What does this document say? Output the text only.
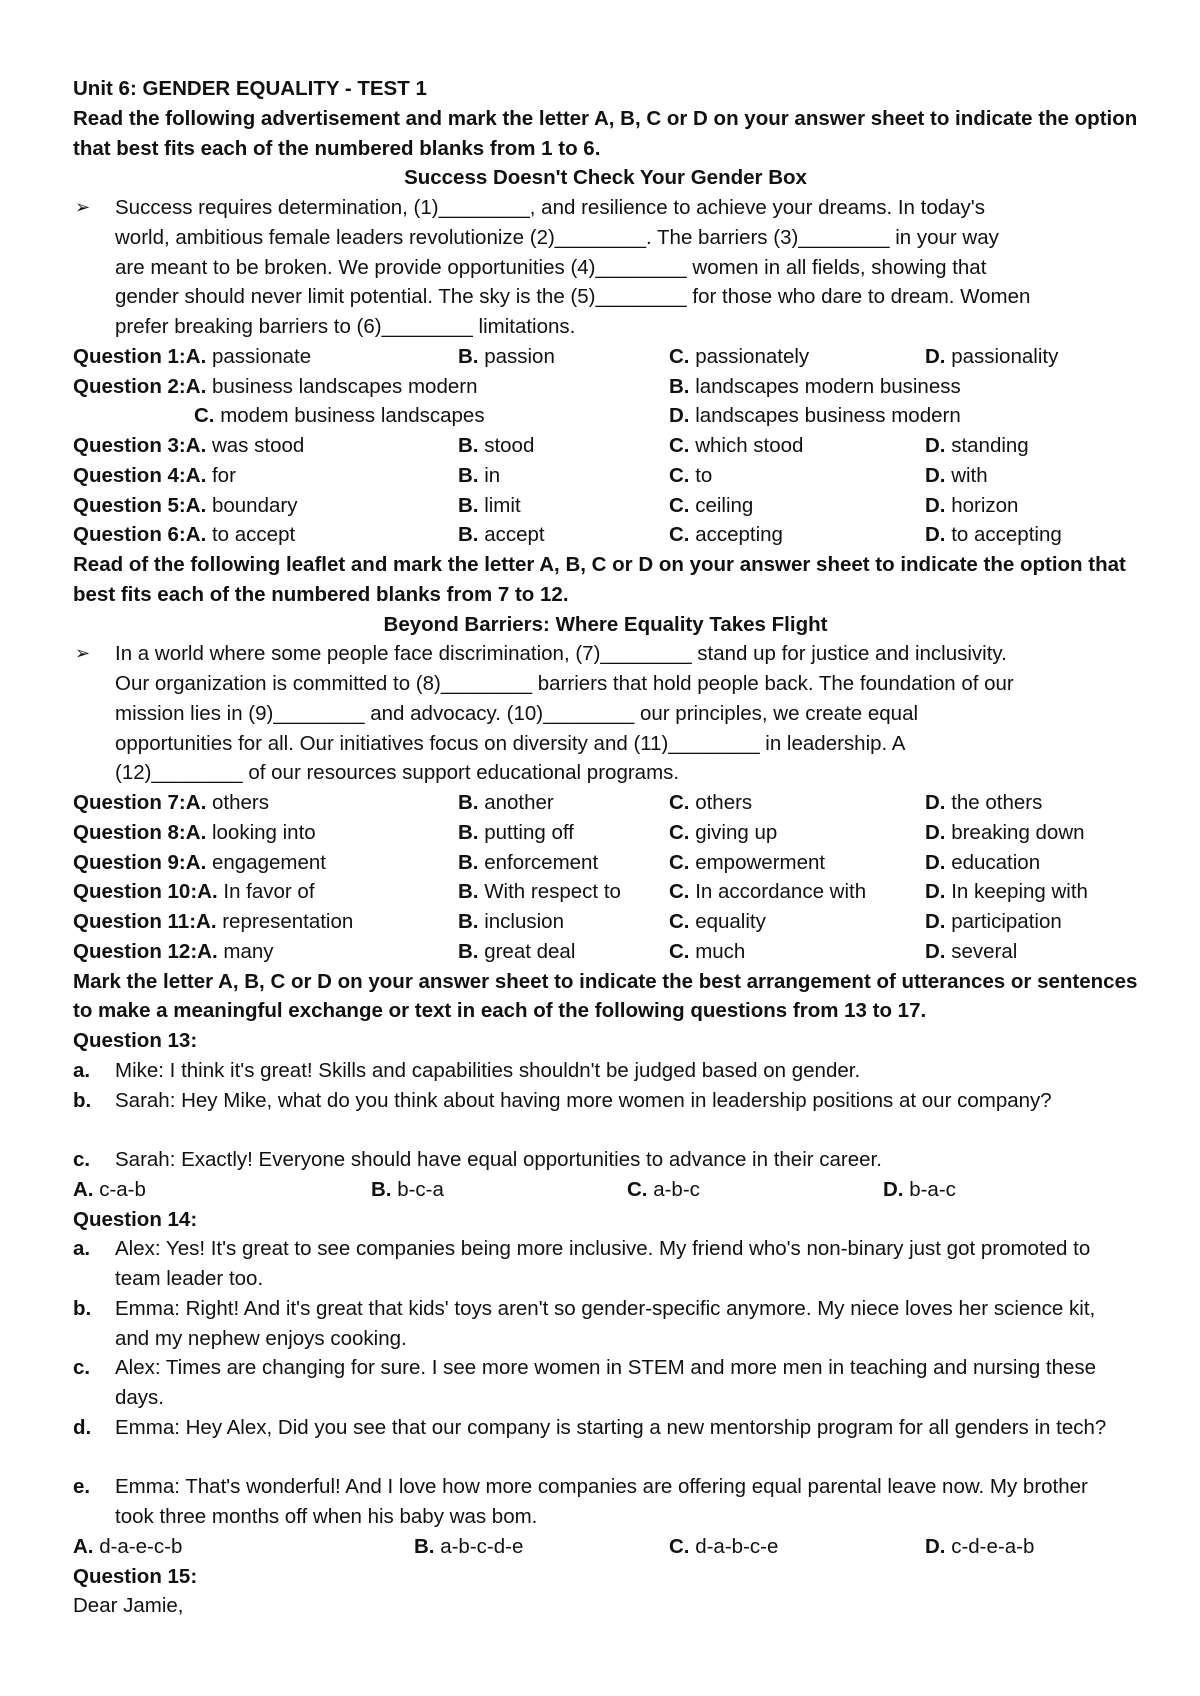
Unit 6: GENDER EQUALITY - TEST 1
Read the following advertisement and mark the letter A, B, C or D on your answer sheet to indicate the option that best fits each of the numbered blanks from 1 to 6.
Success Doesn't Check Your Gender Box
➢ Success requires determination, (1)________, and resilience to achieve your dreams. In today's
world, ambitious female leaders revolutionize (2)________. The barriers (3)________ in your way
are meant to be broken. We provide opportunities (4)________ women in all fields, showing that
gender should never limit potential. The sky is the (5)________ for those who dare to dream. Women
prefer breaking barriers to (6)________ limitations.
Question 1:A. passionate	B. passion	C. passionately	D. passionality
Question 2:A. business landscapes modern	B. landscapes modern business
C. modem business landscapes	D. landscapes business modern
Question 3:A. was stood	B. stood	C. which stood	D. standing
Question 4:A. for	B. in	C. to	D. with
Question 5:A. boundary	B. limit	C. ceiling	D. horizon
Question 6:A. to accept	B. accept	C. accepting	D. to accepting
Read of the following leaflet and mark the letter A, B, C or D on your answer sheet to indicate the option that best fits each of the numbered blanks from 7 to 12.
Beyond Barriers: Where Equality Takes Flight
➢ In a world where some people face discrimination, (7)________ stand up for justice and inclusivity.
Our organization is committed to (8)________ barriers that hold people back. The foundation of our
mission lies in (9)________ and advocacy. (10)________ our principles, we create equal
opportunities for all. Our initiatives focus on diversity and (11)________ in leadership. A
(12)________ of our resources support educational programs.
Question 7:A. others	B. another	C. others	D. the others
Question 8:A. looking into	B. putting off	C. giving up	D. breaking down
Question 9:A. engagement	B. enforcement	C. empowerment	D. education
Question 10:A. In favor of	B. With respect to C. In accordance with	D. In keeping with
Question 11:A. representation	B. inclusion	C. equality	D. participation
Question 12:A. many	B. great deal	C. much	D. several
Mark the letter A, B, C or D on your answer sheet to indicate the best arrangement of utterances or sentences to make a meaningful exchange or text in each of the following questions from 13 to 17.
Question 13:
a. Mike: I think it's great! Skills and capabilities shouldn't be judged based on gender.
b. Sarah: Hey Mike, what do you think about having more women in leadership positions at our company?
c. Sarah: Exactly! Everyone should have equal opportunities to advance in their career.
A. c-a-b	B. b-c-a	C. a-b-c	D. b-a-c
Question 14:
a. Alex: Yes! It's great to see companies being more inclusive. My friend who's non-binary just got promoted to team leader too.
b. Emma: Right! And it's great that kids' toys aren't so gender-specific anymore. My niece loves her science kit, and my nephew enjoys cooking.
c. Alex: Times are changing for sure. I see more women in STEM and more men in teaching and nursing these days.
d. Emma: Hey Alex, Did you see that our company is starting a new mentorship program for all genders in tech?
e. Emma: That's wonderful! And I love how more companies are offering equal parental leave now. My brother took three months off when his baby was bom.
A. d-a-e-c-b	B. a-b-c-d-e	C. d-a-b-c-e	D. c-d-e-a-b
Question 15:
Dear Jamie,
